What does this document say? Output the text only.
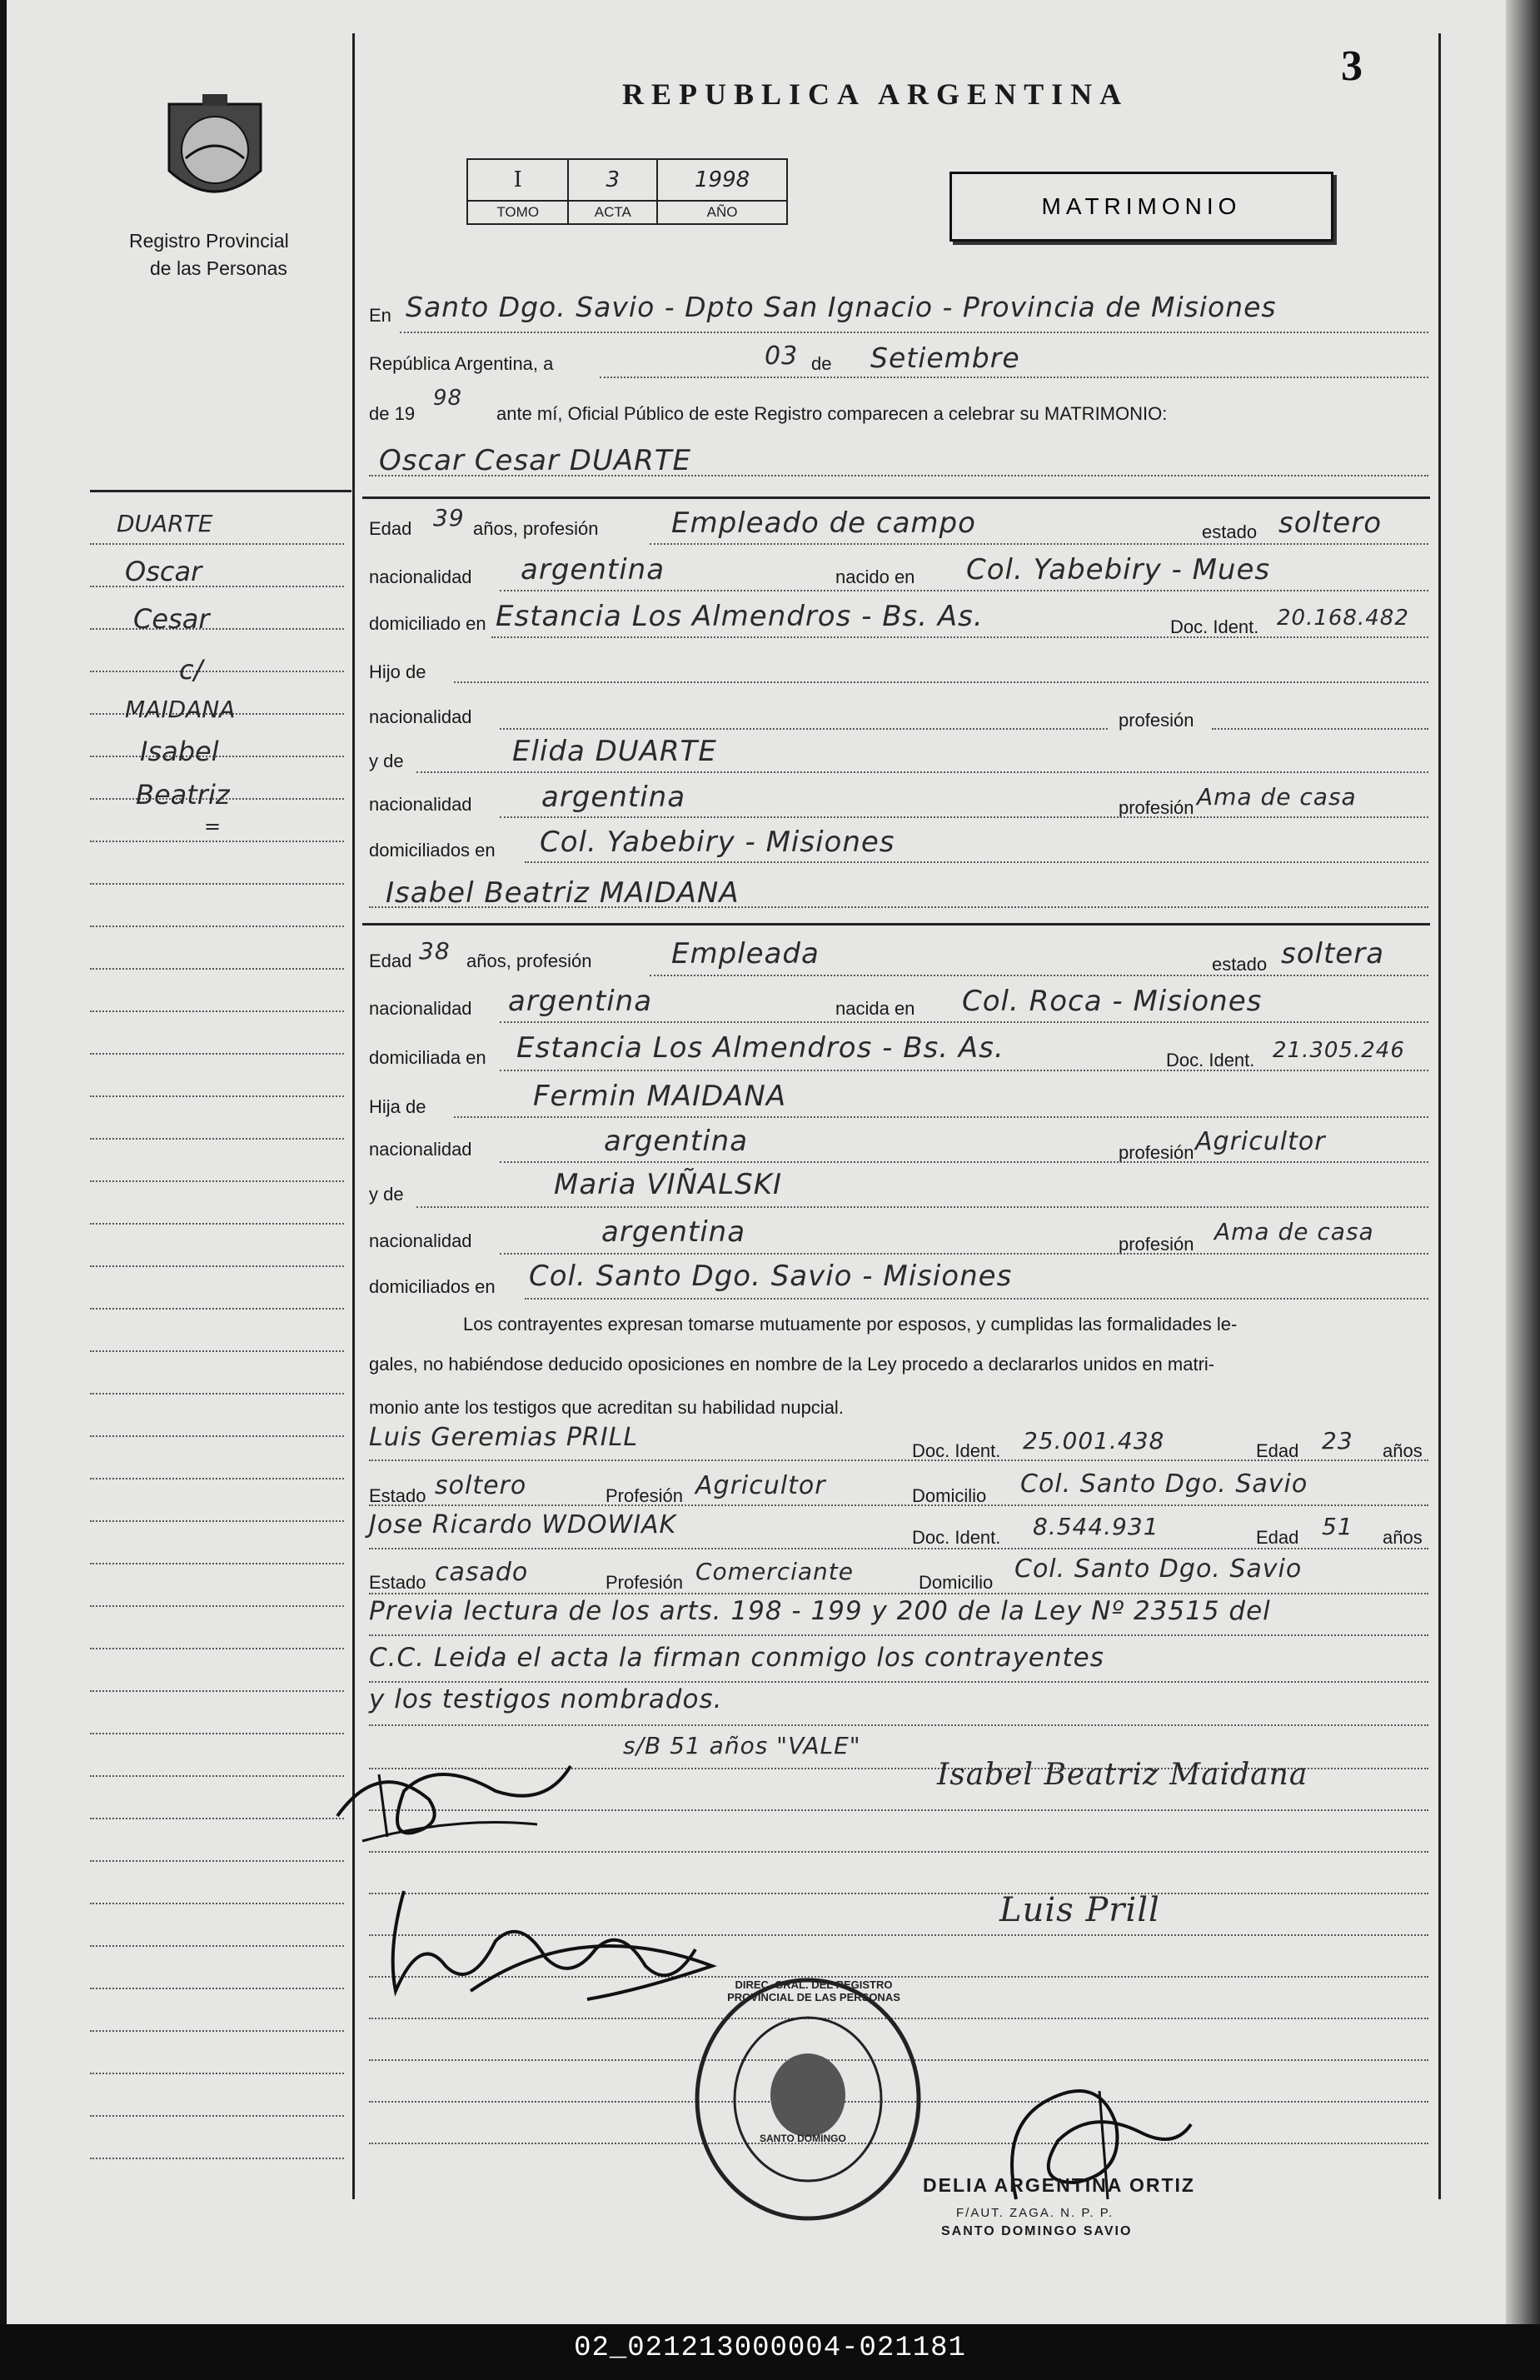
Registro Provincial
de las Personas
REPUBLICA ARGENTINA
3
I	3	1998
TOMO	ACTA	AÑO	MATRIMONIO
En Santo Dgo. Savio - Dpto San Ignacio - Provincia de Misiones
República Argentina, a	03 de Setiembre
de 19
98
ante mí, Oficial Público de este Registro comparecen a celebrar su MATRIMONIO:
Oscar Cesar DUARTE
Edad 39 años, profesión	Empleado de campo	estado soltero
nacionalidad argentina	nacido en Col. Yabebiry - Mues
domiciliado en Estancia Los Almendros - Bs. As.	Doc. Ident. 20.168.482
Hijo de
nacionalidad	profesión
y de	Elida DUARTE
nacionalidad argentina	profesión Ama de casa
domiciliados en Col. Yabebiry - Misiones
Isabel Beatriz MAIDANA
Edad 38 años, profesión	Empleada	estado soltera
nacionalidad argentina	nacida en Col. Roca - Misiones
domiciliada en Estancia Los Almendros - Bs. As.	Doc. Ident. 21.305.246
Hija de	Fermin MAIDANA
nacionalidad	argentina	profesión Agricultor
y de	Maria VIÑALSKI
nacionalidad	argentina	profesión Ama de casa
domiciliados en Col. Santo Dgo. Savio - Misiones
Los contrayentes expresan tomarse mutuamente por esposos, y cumplidas las formalidades le-
gales, no habiéndose deducido oposiciones en nombre de la Ley procedo a declararlos unidos en matri-
monio ante los testigos que acreditan su habilidad nupcial.
Luis Geremias PRILL	Doc. Ident. 25.001.438	Edad 23 años
Estado soltero	Profesión Agricultor	Domicilio Col. Santo Dgo. Savio
Jose Ricardo WDOWIAK	Doc. Ident. 8.544.931	Edad 51 años
Estado casado	Profesión Comerciante	Domicilio Col. Santo Dgo. Savio
Previa lectura de los arts. 198 - 199 y 200 de la Ley Nº 23515 del
C.C. Leida el acta la firman conmigo los contrayentes
y los testigos nombrados.
s/B 51 años "VALE"
DUARTE
Oscar
Cesar
c/
MAIDANA
Isabel
Beatriz
=
Isabel Beatriz Maidana
Luis Prill
DIREC. GRAL. DEL REGISTRO PROVINCIAL DE LAS PERSONAS
SANTO DOMINGO
DELIA ARGENTINA ORTIZ
F/AUT. ZAGA. N. P. P.
SANTO DOMINGO SAVIO
02_021213000004-021181
